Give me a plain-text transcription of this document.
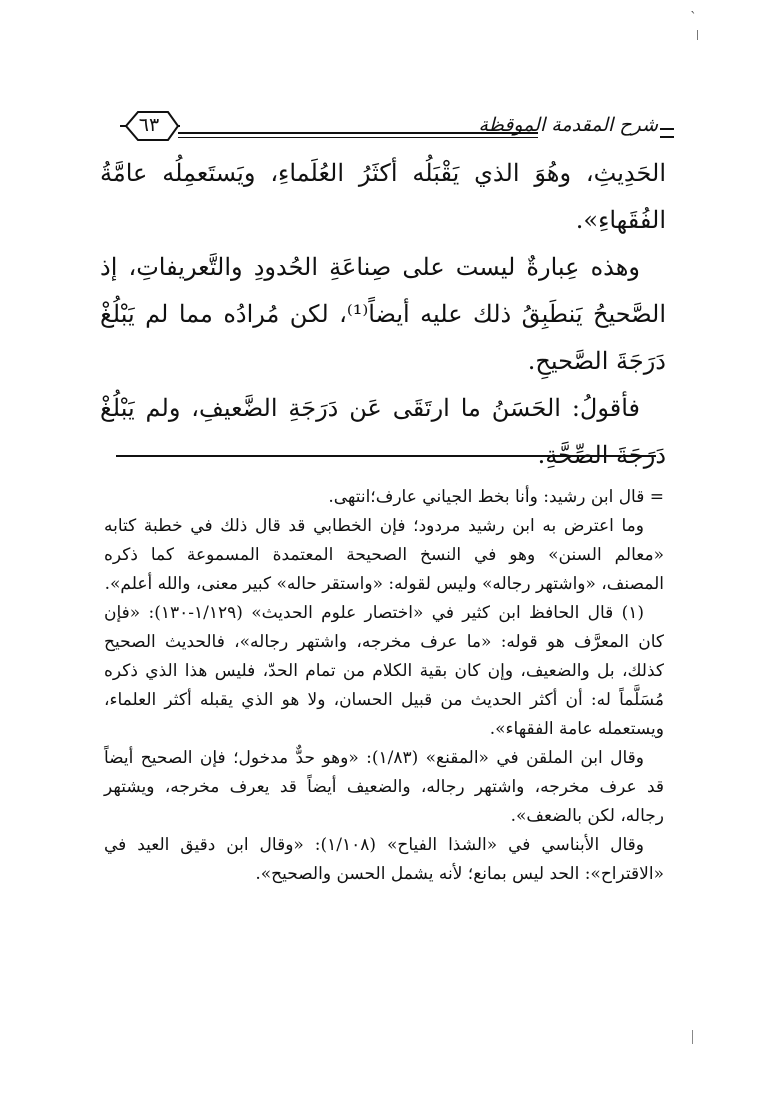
ˋ
شرح المقدمة الموقظة
٦٣

الحَدِيثِ، وهُوَ الذي يَقْبَلُه أكثَرُ العُلَماءِ، ويَستَعمِلُه عامَّةُ الفُقَهاءِ».

وهذه عِبارةٌ ليست على صِناعَةِ الحُدودِ والتَّعريفاتِ، إذ الصَّحيحُ يَنطَبِقُ ذلك عليه أيضاً⁽¹⁾، لكن مُرادُه مما لم يَبْلُغْ دَرَجَةَ الصَّحيحِ.

فأقولُ: الحَسَنُ ما ارتَقَى عَن دَرَجَةِ الضَّعيفِ، ولم يَبْلُغْ دَرَجَةَ الصِّحَّةِ.

= قال ابن رشيد: وأنا بخط الجياني عارف؛انتهى.

وما اعترض به ابن رشيد مردود؛ فإن الخطابي قد قال ذلك في خطبة كتابه «معالم السنن» وهو في النسخ الصحيحة المعتمدة المسموعة كما ذكره المصنف، «واشتهر رجاله» وليس لقوله: «واستقر حاله» كبير معنى، والله أعلم».

(١) قال الحافظ ابن كثير في «اختصار علوم الحديث» (١/١٢٩-١٣٠): «فإن كان المعرَّف هو قوله: «ما عرف مخرجه، واشتهر رجاله»، فالحديث الصحيح كذلك، بل والضعيف، وإن كان بقية الكلام من تمام الحدّ، فليس هذا الذي ذكره مُسَلَّماً له: أن أكثر الحديث من قبيل الحسان، ولا هو الذي يقبله أكثر العلماء، ويستعمله عامة الفقهاء».

وقال ابن الملقن في «المقنع» (١/٨٣): «وهو حدٌّ مدخول؛ فإن الصحيح أيضاً قد عرف مخرجه، واشتهر رجاله، والضعيف أيضاً قد يعرف مخرجه، ويشتهر رجاله، لكن بالضعف».

وقال الأبناسي في «الشذا الفياح» (١/١٠٨): «وقال ابن دقيق العيد في «الاقتراح»: الحد ليس بمانع؛ لأنه يشمل الحسن والصحيح».
